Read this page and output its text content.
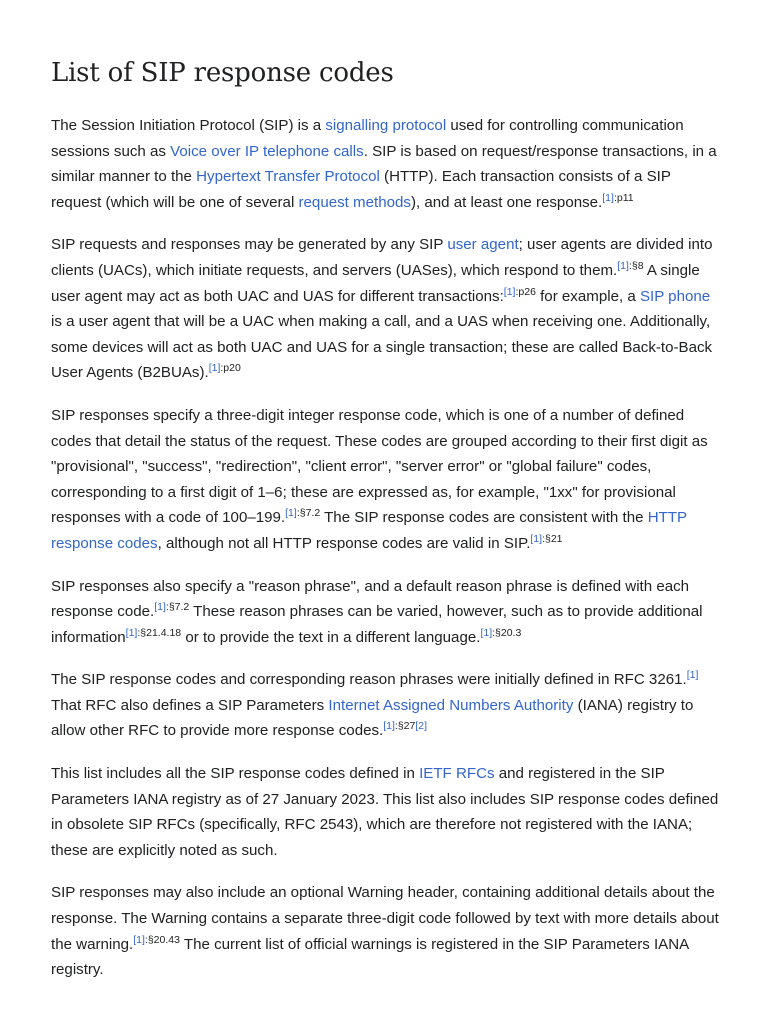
List of SIP response codes

The Session Initiation Protocol (SIP) is a signalling protocol used for controlling communication sessions such as Voice over IP telephone calls. SIP is based on request/response transactions, in a similar manner to the Hypertext Transfer Protocol (HTTP). Each transaction consists of a SIP request (which will be one of several request methods), and at least one response.$^{[1]:p11}$

SIP requests and responses may be generated by any SIP user agent; user agents are divided into clients (UACs), which initiate requests, and servers (UASes), which respond to them.$^{[1]:\S 8}$ A single user agent may act as both UAC and UAS for different transactions:$^{[1]:p26}$ for example, a SIP phone is a user agent that will be a UAC when making a call, and a UAS when receiving one. Additionally, some devices will act as both UAC and UAS for a single transaction; these are called Back-to-Back User Agents (B2BUAs).$^{[1]:p20}$

SIP responses specify a three-digit integer response code, which is one of a number of defined codes that detail the status of the request. These codes are grouped according to their first digit as "provisional", "success", "redirection", "client error", "server error" or "global failure" codes, corresponding to a first digit of 1–6; these are expressed as, for example, "1xx" for provisional responses with a code of 100–199.$^{[1]:\S 7.2}$ The SIP response codes are consistent with the HTTP response codes, although not all HTTP response codes are valid in SIP.$^{[1]:\S 21}$

SIP responses also specify a "reason phrase", and a default reason phrase is defined with each response code.$^{[1]:\S 7.2}$ These reason phrases can be varied, however, such as to provide additional information$^{[1]:\S 21.4.18}$ or to provide the text in a different language.$^{[1]:\S 20.3}$

The SIP response codes and corresponding reason phrases were initially defined in RFC 3261.[1] That RFC also defines a SIP Parameters Internet Assigned Numbers Authority (IANA) registry to allow other RFC to provide more response codes.[1]:§27[2]

This list includes all the SIP response codes defined in IETF RFCs and registered in the SIP Parameters IANA registry as of 27 January 2023. This list also includes SIP response codes defined in obsolete SIP RFCs (specifically, RFC 2543), which are therefore not registered with the IANA; these are explicitly noted as such.

SIP responses may also include an optional Warning header, containing additional details about the response. The Warning contains a separate three-digit code followed by text with more details about the warning.$^{[1]:\S 20.43}$ The current list of official warnings is registered in the SIP Parameters IANA registry.
